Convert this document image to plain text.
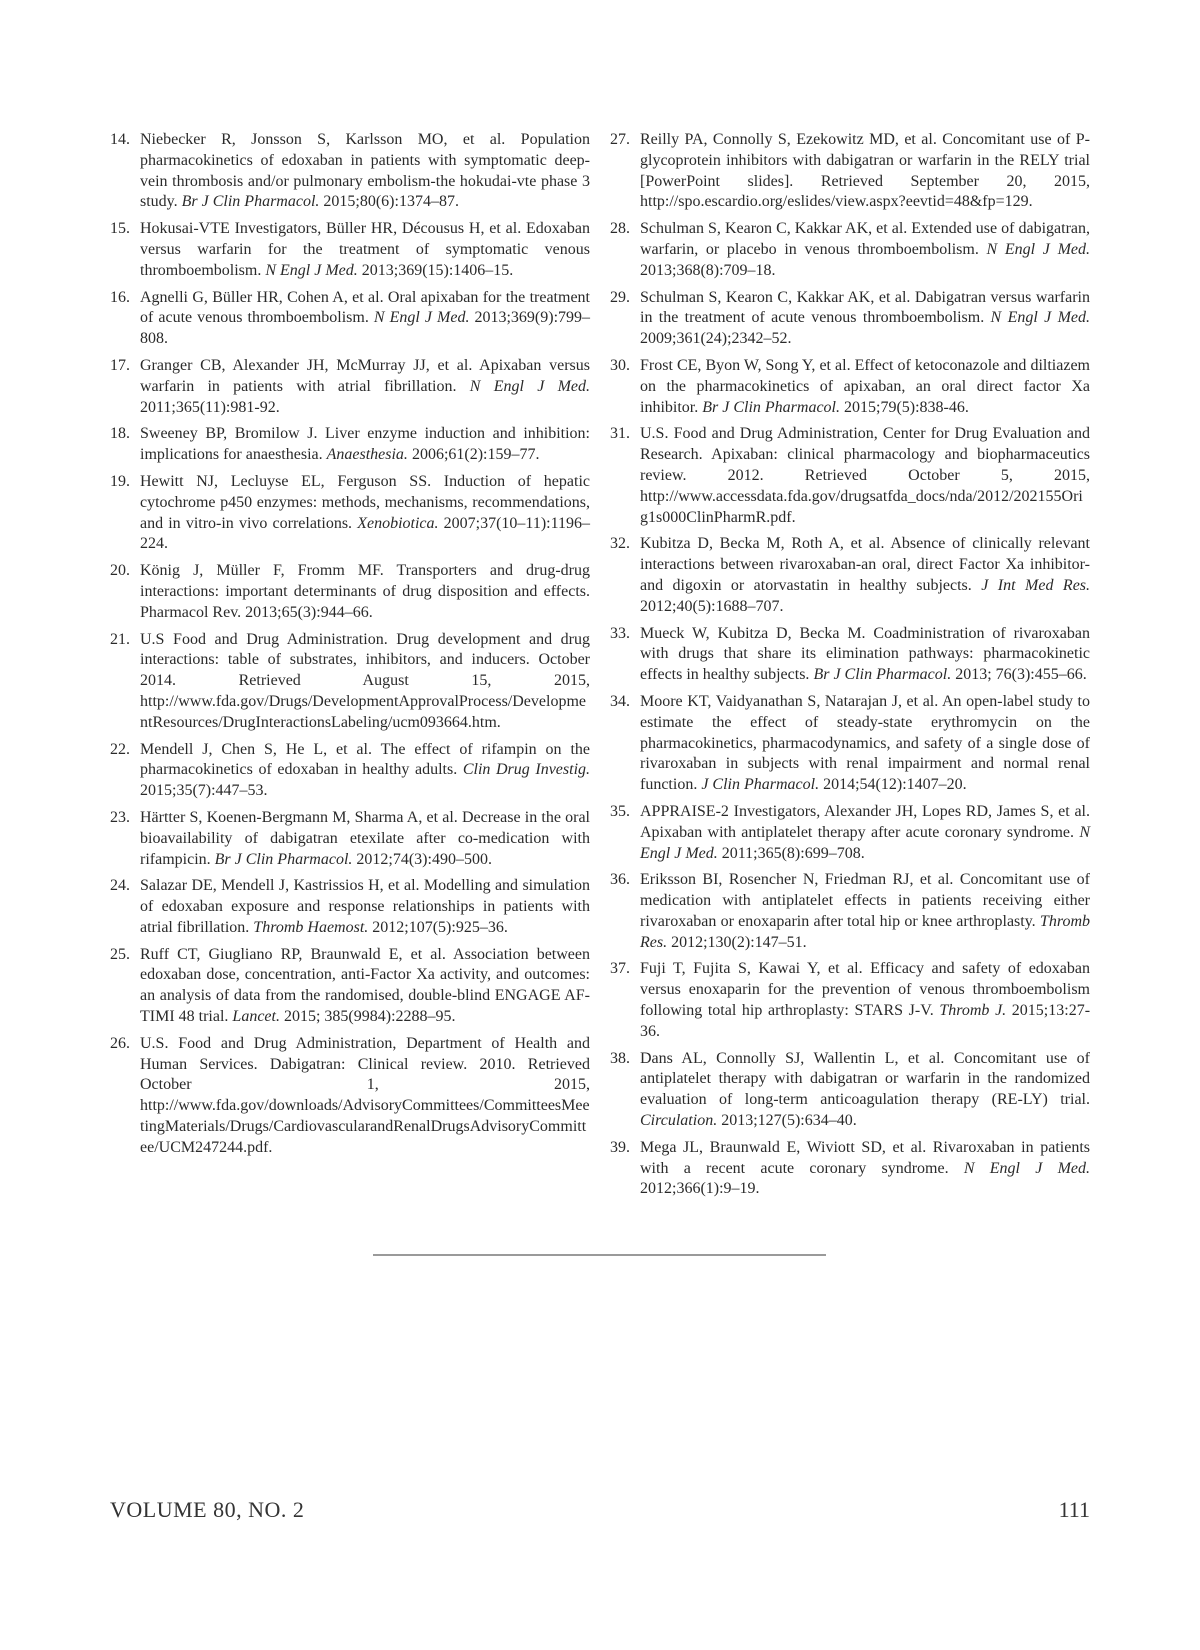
14. Niebecker R, Jonsson S, Karlsson MO, et al. Population pharmacokinetics of edoxaban in patients with symptomatic deep-vein thrombosis and/or pulmonary embolism-the hokudai-vte phase 3 study. Br J Clin Pharmacol. 2015;80(6):1374–87.
15. Hokusai-VTE Investigators, Büller HR, Décousus H, et al. Edoxaban versus warfarin for the treatment of symptomatic venous thromboembolism. N Engl J Med. 2013;369(15):1406–15.
16. Agnelli G, Büller HR, Cohen A, et al. Oral apixaban for the treatment of acute venous thromboembolism. N Engl J Med. 2013;369(9):799–808.
17. Granger CB, Alexander JH, McMurray JJ, et al. Apixaban versus warfarin in patients with atrial fibrillation. N Engl J Med. 2011;365(11):981-92.
18. Sweeney BP, Bromilow J. Liver enzyme induction and inhibition: implications for anaesthesia. Anaesthesia. 2006;61(2):159–77.
19. Hewitt NJ, Lecluyse EL, Ferguson SS. Induction of hepatic cytochrome p450 enzymes: methods, mechanisms, recommendations, and in vitro-in vivo correlations. Xenobiotica. 2007;37(10–11):1196–224.
20. König J, Müller F, Fromm MF. Transporters and drug-drug interactions: important determinants of drug disposition and effects. Pharmacol Rev. 2013;65(3):944–66.
21. U.S Food and Drug Administration. Drug development and drug interactions: table of substrates, inhibitors, and inducers. October 2014. Retrieved August 15, 2015, http://www.fda.gov/Drugs/DevelopmentApprovalProcess/DevelopmentResources/DrugInteractionsLabeling/ucm093664.htm.
22. Mendell J, Chen S, He L, et al. The effect of rifampin on the pharmacokinetics of edoxaban in healthy adults. Clin Drug Investig. 2015;35(7):447–53.
23. Härtter S, Koenen-Bergmann M, Sharma A, et al. Decrease in the oral bioavailability of dabigatran etexilate after co-medication with rifampicin. Br J Clin Pharmacol. 2012;74(3):490–500.
24. Salazar DE, Mendell J, Kastrissios H, et al. Modelling and simulation of edoxaban exposure and response relationships in patients with atrial fibrillation. Thromb Haemost. 2012;107(5):925–36.
25. Ruff CT, Giugliano RP, Braunwald E, et al. Association between edoxaban dose, concentration, anti-Factor Xa activity, and outcomes: an analysis of data from the randomised, double-blind ENGAGE AF-TIMI 48 trial. Lancet. 2015; 385(9984):2288–95.
26. U.S. Food and Drug Administration, Department of Health and Human Services. Dabigatran: Clinical review. 2010. Retrieved October 1, 2015, http://www.fda.gov/downloads/AdvisoryCommittees/CommitteesMeetingMaterials/Drugs/CardiovascularandRenalDrugsAdvisoryCommittee/UCM247244.pdf.
27. Reilly PA, Connolly S, Ezekowitz MD, et al. Concomitant use of P-glycoprotein inhibitors with dabigatran or warfarin in the RELY trial [PowerPoint slides]. Retrieved September 20, 2015, http://spo.escardio.org/eslides/view.aspx?eevtid=48&fp=129.
28. Schulman S, Kearon C, Kakkar AK, et al. Extended use of dabigatran, warfarin, or placebo in venous thromboembolism. N Engl J Med. 2013;368(8):709–18.
29. Schulman S, Kearon C, Kakkar AK, et al. Dabigatran versus warfarin in the treatment of acute venous thromboembolism. N Engl J Med. 2009;361(24);2342–52.
30. Frost CE, Byon W, Song Y, et al. Effect of ketoconazole and diltiazem on the pharmacokinetics of apixaban, an oral direct factor Xa inhibitor. Br J Clin Pharmacol. 2015;79(5):838-46.
31. U.S. Food and Drug Administration, Center for Drug Evaluation and Research. Apixaban: clinical pharmacology and biopharmaceutics review. 2012. Retrieved October 5, 2015, http://www.accessdata.fda.gov/drugsatfda_docs/nda/2012/202155Orig1s000ClinPharmR.pdf.
32. Kubitza D, Becka M, Roth A, et al. Absence of clinically relevant interactions between rivaroxaban-an oral, direct Factor Xa inhibitor-and digoxin or atorvastatin in healthy subjects. J Int Med Res. 2012;40(5):1688–707.
33. Mueck W, Kubitza D, Becka M. Coadministration of rivaroxaban with drugs that share its elimination pathways: pharmacokinetic effects in healthy subjects. Br J Clin Pharmacol. 2013; 76(3):455–66.
34. Moore KT, Vaidyanathan S, Natarajan J, et al. An open-label study to estimate the effect of steady-state erythromycin on the pharmacokinetics, pharmacodynamics, and safety of a single dose of rivaroxaban in subjects with renal impairment and normal renal function. J Clin Pharmacol. 2014;54(12):1407–20.
35. APPRAISE-2 Investigators, Alexander JH, Lopes RD, James S, et al. Apixaban with antiplatelet therapy after acute coronary syndrome. N Engl J Med. 2011;365(8):699–708.
36. Eriksson BI, Rosencher N, Friedman RJ, et al. Concomitant use of medication with antiplatelet effects in patients receiving either rivaroxaban or enoxaparin after total hip or knee arthroplasty. Thromb Res. 2012;130(2):147–51.
37. Fuji T, Fujita S, Kawai Y, et al. Efficacy and safety of edoxaban versus enoxaparin for the prevention of venous thromboembolism following total hip arthroplasty: STARS J-V. Thromb J. 2015;13:27-36.
38. Dans AL, Connolly SJ, Wallentin L, et al. Concomitant use of antiplatelet therapy with dabigatran or warfarin in the randomized evaluation of long-term anticoagulation therapy (RE-LY) trial. Circulation. 2013;127(5):634–40.
39. Mega JL, Braunwald E, Wiviott SD, et al. Rivaroxaban in patients with a recent acute coronary syndrome. N Engl J Med. 2012;366(1):9–19.
VOLUME 80, NO. 2	111
